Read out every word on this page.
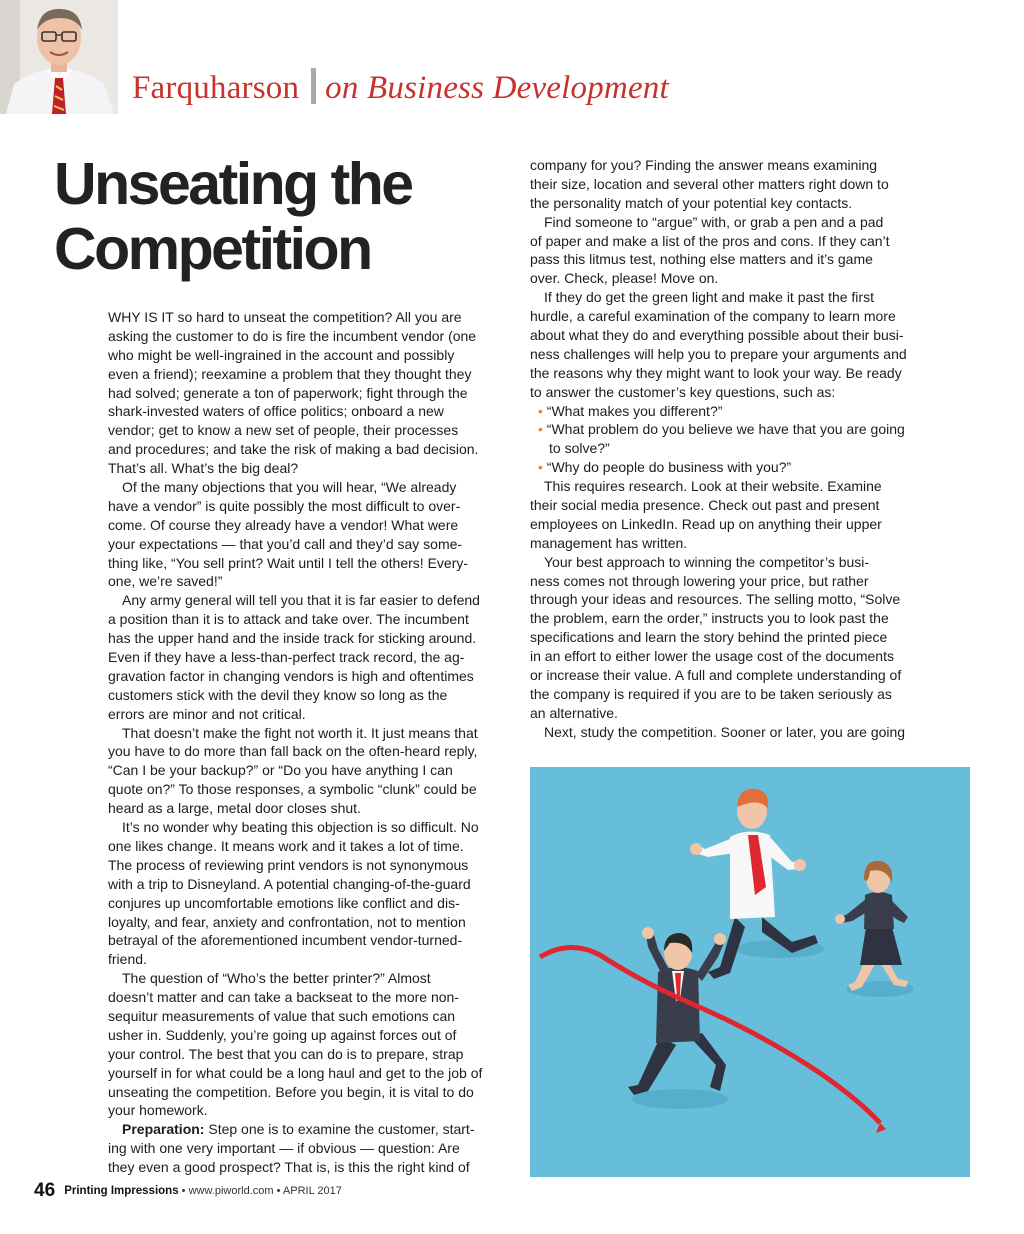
Farquharson on Business Development
Unseating the
Competition
WHY IS IT so hard to unseat the competition? All you are
asking the customer to do is fire the incumbent vendor (one
who might be well-ingrained in the account and possibly
even a friend); reexamine a problem that they thought they
had solved; generate a ton of paperwork; fight through the
shark-invested waters of office politics; onboard a new
vendor; get to know a new set of people, their processes
and procedures; and take the risk of making a bad decision.
That’s all. What’s the big deal?
Of the many objections that you will hear, “We already
have a vendor” is quite possibly the most difficult to over-
come. Of course they already have a vendor! What were
your expectations — that you’d call and they’d say some-
thing like, “You sell print? Wait until I tell the others! Every-
one, we’re saved!”
Any army general will tell you that it is far easier to defend
a position than it is to attack and take over. The incumbent
has the upper hand and the inside track for sticking around.
Even if they have a less-than-perfect track record, the ag-
gravation factor in changing vendors is high and oftentimes
customers stick with the devil they know so long as the
errors are minor and not critical.
That doesn’t make the fight not worth it. It just means that
you have to do more than fall back on the often-heard reply,
“Can I be your backup?” or “Do you have anything I can
quote on?” To those responses, a symbolic “clunk” could be
heard as a large, metal door closes shut.
It’s no wonder why beating this objection is so difficult. No
one likes change. It means work and it takes a lot of time.
The process of reviewing print vendors is not synonymous
with a trip to Disneyland. A potential changing-of-the-guard
conjures up uncomfortable emotions like conflict and dis-
loyalty, and fear, anxiety and confrontation, not to mention
betrayal of the aforementioned incumbent vendor-turned-
friend.
The question of “Who’s the better printer?” Almost
doesn’t matter and can take a backseat to the more non-
sequitur measurements of value that such emotions can
usher in. Suddenly, you’re going up against forces out of
your control. The best that you can do is to prepare, strap
yourself in for what could be a long haul and get to the job of
unseating the competition. Before you begin, it is vital to do
your homework.
Preparation: Step one is to examine the customer, start-
ing with one very important — if obvious — question: Are
they even a good prospect? That is, is this the right kind of
company for you? Finding the answer means examining
their size, location and several other matters right down to
the personality match of your potential key contacts.
Find someone to “argue” with, or grab a pen and a pad
of paper and make a list of the pros and cons. If they can’t
pass this litmus test, nothing else matters and it’s game
over. Check, please! Move on.
If they do get the green light and make it past the first
hurdle, a careful examination of the company to learn more
about what they do and everything possible about their busi-
ness challenges will help you to prepare your arguments and
the reasons why they might want to look your way. Be ready
to answer the customer’s key questions, such as:
• “What makes you different?”
• “What problem do you believe we have that you are going
to solve?”
• “Why do people do business with you?”
This requires research. Look at their website. Examine
their social media presence. Check out past and present
employees on LinkedIn. Read up on anything their upper
management has written.
Your best approach to winning the competitor’s busi-
ness comes not through lowering your price, but rather
through your ideas and resources. The selling motto, “Solve
the problem, earn the order,” instructs you to look past the
specifications and learn the story behind the printed piece
in an effort to either lower the usage cost of the documents
or increase their value. A full and complete understanding of
the company is required if you are to be taken seriously as
an alternative.
Next, study the competition. Sooner or later, you are going
46 Printing Impressions • www.piworld.com • APRIL 2017
